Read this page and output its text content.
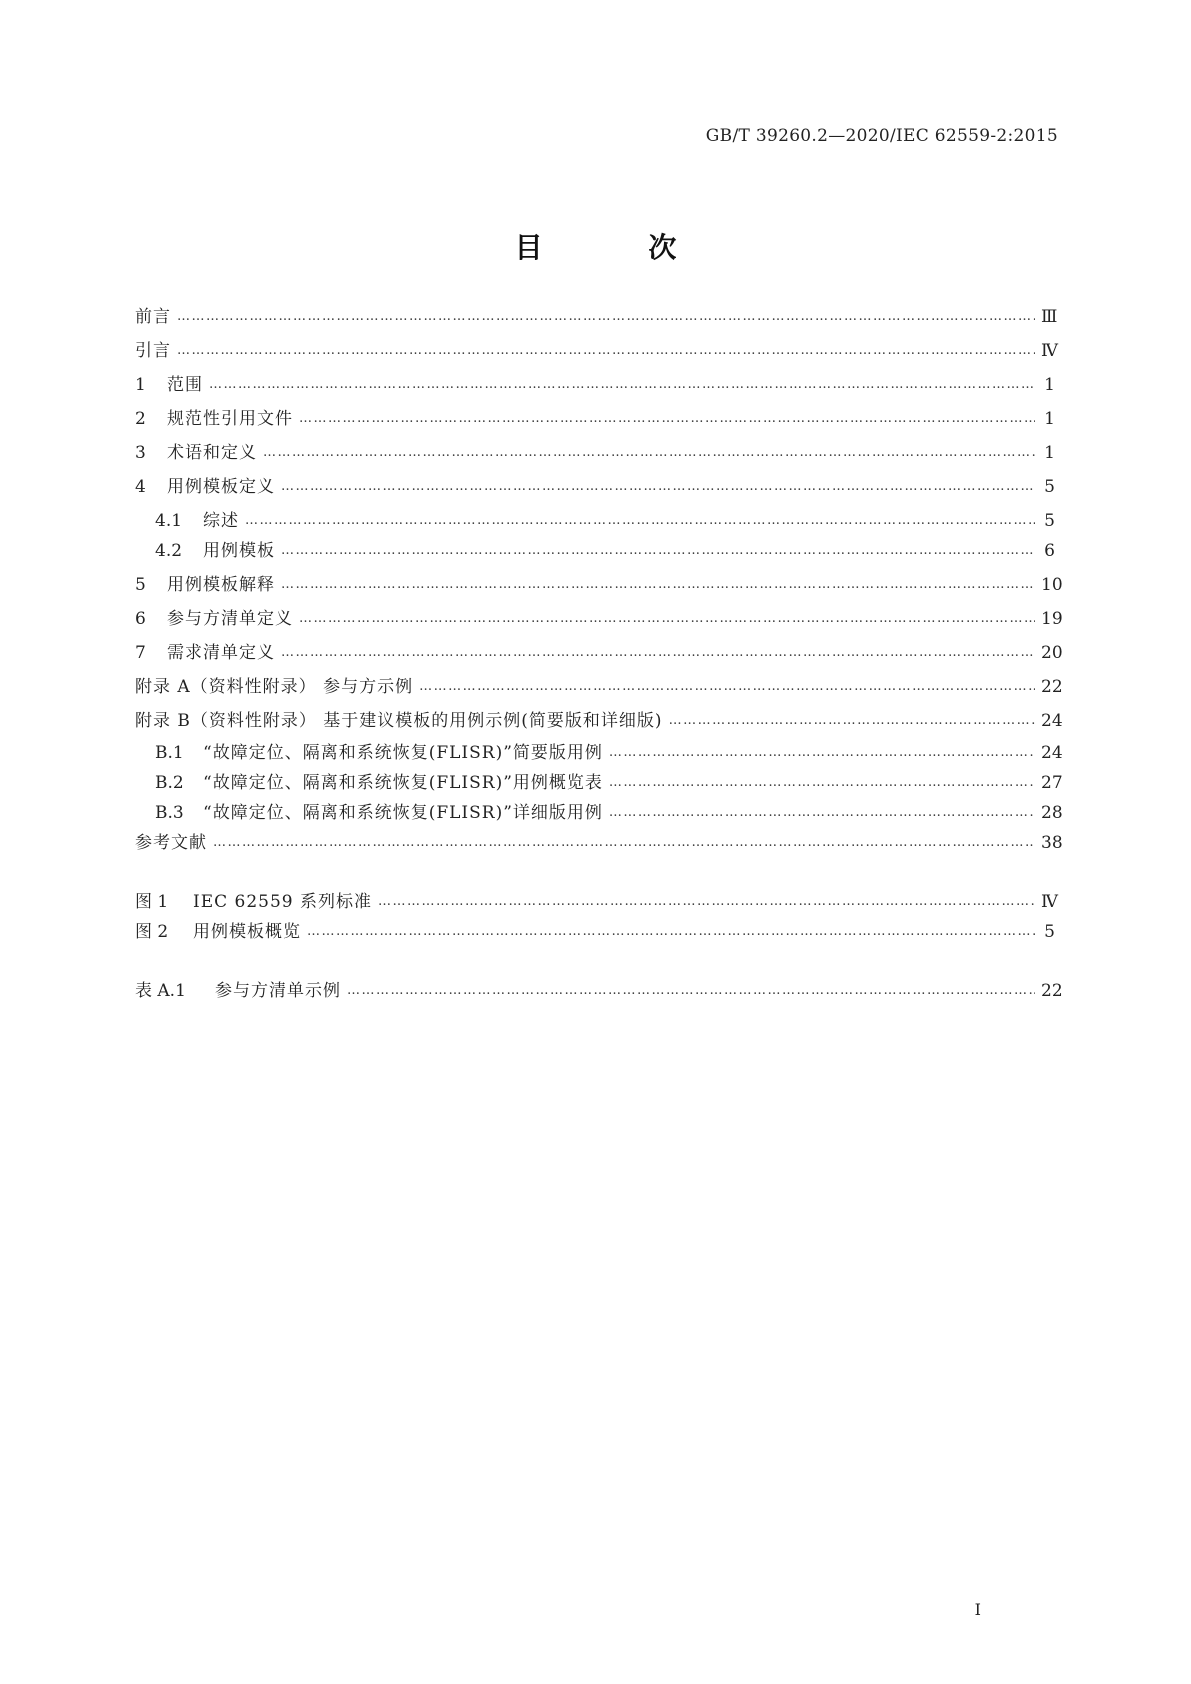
GB/T 39260.2—2020/IEC 62559-2:2015
目 次
前言 ……………………………………………………………………………………………………………………………………………………………………………………………………………………………………………………	Ⅲ
引言 ……………………………………………………………………………………………………………………………………………………………………………………………………………………………………………………	Ⅳ
1	范围 ……………………………………………………………………………………………………………………………………………………………………………………………………………………………………………………	1
2	规范性引用文件 ……………………………………………………………………………………………………………………………………………………………………………………………………………………………………………………	1
3	术语和定义 ……………………………………………………………………………………………………………………………………………………………………………………………………………………………………………………	1
4	用例模板定义 ……………………………………………………………………………………………………………………………………………………………………………………………………………………………………………………	5
4.1	综述 ……………………………………………………………………………………………………………………………………………………………………………………………………………………………………………………	5
4.2	用例模板 ……………………………………………………………………………………………………………………………………………………………………………………………………………………………………………………	6
5	用例模板解释 ……………………………………………………………………………………………………………………………………………………………………………………………………………………………………………………	10
6	参与方清单定义 ……………………………………………………………………………………………………………………………………………………………………………………………………………………………………………………	19
7	需求清单定义 ……………………………………………………………………………………………………………………………………………………………………………………………………………………………………………………	20
附录 A（资料性附录） 参与方示例 ……………………………………………………………………………………………………………………………………………………………………………………………………………………………………………………	22
附录 B（资料性附录） 基于建议模板的用例示例(简要版和详细版) ……………………………………………………………………………………………………………………………………………………………………………………………………………………………………………………	24
B.1	“故障定位、隔离和系统恢复(FLISR)”简要版用例 ……………………………………………………………………………………………………………………………………………………………………………………………………………………………………………………	24
B.2	“故障定位、隔离和系统恢复(FLISR)”用例概览表 ……………………………………………………………………………………………………………………………………………………………………………………………………………………………………………………	27
B.3	“故障定位、隔离和系统恢复(FLISR)”详细版用例 ……………………………………………………………………………………………………………………………………………………………………………………………………………………………………………………	28
参考文献 ……………………………………………………………………………………………………………………………………………………………………………………………………………………………………………………	38
图 1	IEC 62559 系列标准 ……………………………………………………………………………………………………………………………………………………………………………………………………………………………………………………	Ⅳ
图 2	用例模板概览 ……………………………………………………………………………………………………………………………………………………………………………………………………………………………………………………	5
表 A.1	参与方清单示例 ……………………………………………………………………………………………………………………………………………………………………………………………………………………………………………………	22
I
